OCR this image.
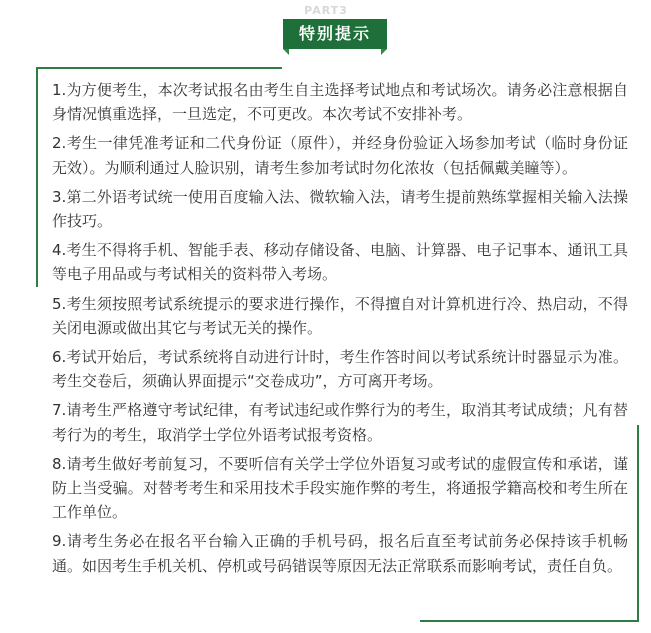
PART3
特别提示

1.为方便考生，本次考试报名由考生自主选择考试地点和考试场次。请务必注意根据自身情况慎重选择，一旦选定，不可更改。本次考试不安排补考。

2.考生一律凭准考证和二代身份证（原件），并经身份验证入场参加考试（临时身份证无效）。为顺利通过人脸识别，请考生参加考试时勿化浓妆（包括佩戴美瞳等）。

3.第二外语考试统一使用百度输入法、微软输入法，请考生提前熟练掌握相关输入法操作技巧。

4.考生不得将手机、智能手表、移动存储设备、电脑、计算器、电子记事本、通讯工具等电子用品或与考试相关的资料带入考场。

5.考生须按照考试系统提示的要求进行操作，不得擅自对计算机进行冷、热启动，不得关闭电源或做出其它与考试无关的操作。

6.考试开始后，考试系统将自动进行计时，考生作答时间以考试系统计时器显示为准。考生交卷后，须确认界面提示“交卷成功”，方可离开考场。

7.请考生严格遵守考试纪律，有考试违纪或作弊行为的考生，取消其考试成绩；凡有替考行为的考生，取消学士学位外语考试报考资格。

8.请考生做好考前复习，不要听信有关学士学位外语复习或考试的虚假宣传和承诺，谨防上当受骗。对替考考生和采用技术手段实施作弊的考生，将通报学籍高校和考生所在工作单位。

9.请考生务必在报名平台输入正确的手机号码，报名后直至考试前务必保持该手机畅通。如因考生手机关机、停机或号码错误等原因无法正常联系而影响考试，责任自负。
